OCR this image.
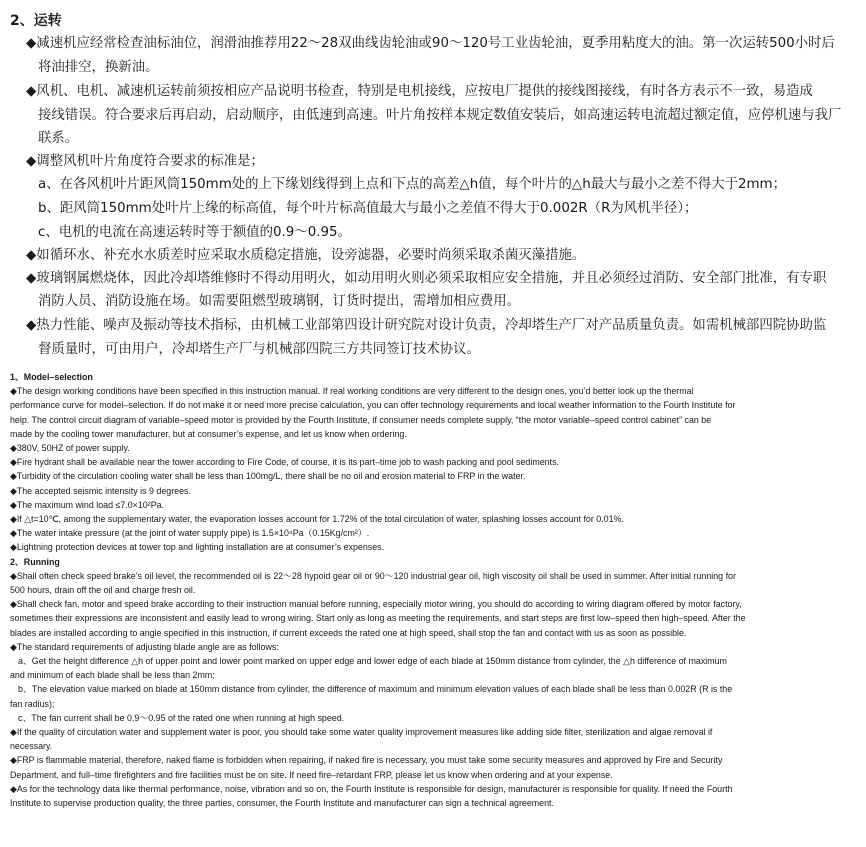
2、运转
◆减速机应经常检查油标油位，润滑油推荐用22～28双曲线齿轮油或90～120号工业齿轮油，夏季用粘度大的油。第一次运转500小时后
将油排空，换新油。
◆风机、电机、减速机运转前须按相应产品说明书检查，特别是电机接线，应按电厂提供的接线图接线，有时各方表示不一致，易造成
接线错误。符合要求后再启动，启动顺序，由低速到高速。叶片角按样本规定数值安装后，如高速运转电流超过额定值，应停机速与我厂
联系。
◆调整风机叶片角度符合要求的标准是；
a、在各风机叶片距风筒150mm处的上下缘划线得到上点和下点的高差△h值，每个叶片的△h最大与最小之差不得大于2mm；
b、距风筒150mm处叶片上缘的标高值，每个叶片标高值最大与最小之差值不得大于0.002R（R为风机半径）；
c、电机的电流在高速运转时等于额值的0.9～0.95。
◆如循环水、补充水水质差时应采取水质稳定措施，设旁滤器，必要时尚须采取杀菌灭藻措施。
◆玻璃钢属燃烧体，因此冷却塔维修时不得动用明火，如动用明火则必须采取相应安全措施，并且必须经过消防、安全部门批准，有专职
消防人员、消防设施在场。如需要阻燃型玻璃钢，订货时提出，需增加相应费用。
◆热力性能、噪声及振动等技术指标，由机械工业部第四设计研究院对设计负责，冷却塔生产厂对产品质量负责。如需机械部四院协助监
督质量时，可由用户，冷却塔生产厂与机械部四院三方共同签订技术协议。
1、Model–selection
◆The design working conditions have been specified in this instruction manual. If real working conditions are very different to the design ones, you’d better look up the thermal
performance curve for model–selection. If do not make it or need more precise calculation, you can offer technology requirements and local weather information to the Fourth Institute for
help. The control circuit diagram of variable–speed motor is provided by the Fourth Institute, if consumer needs complete supply, “the motor variable–speed control cabinet” can be
made by the cooling tower manufacturer, but at consumer’s expense, and let us know when ordering.
◆380V, 50HZ of power supply.
◆Fire hydrant shall be available near the tower according to Fire Code, of course, it is its part–time job to wash packing and pool sediments.
◆Turbidity of the circulation cooling water shall be less than 100mg/L, there shall be no oil and erosion material to FRP in the water.
◆The accepted seismic intensity is 9 degrees.
◆The maximum wind load ≤7.0×10²Pa.
◆If △t=10℃, among the supplementary water, the evaporation losses account for 1.72% of the total circulation of water, splashing losses account for 0.01%.
◆The water intake pressure (at the joint of water supply pipe) is 1.5×10⁴Pa（0.15Kg/cm²）.
◆Lightning protection devices at tower top and lighting installation are at consumer’s expenses.
2、Running
◆Shall often check speed brake’s oil level, the recommended oil is 22～28 hypoid gear oil or 90～120 industrial gear oil, high viscosity oil shall be used in summer. After initial running for
500 hours, drain off the oil and charge fresh oil.
◆Shall check fan, motor and speed brake according to their instruction manual before running, especially motor wiring, you should do according to wiring diagram offered by motor factory,
sometimes their expressions are inconsistent and easily lead to wrong wiring. Start only as long as meeting the requirements, and start steps are first low–speed then high–speed. After the
blades are installed according to angle specified in this instruction, if current exceeds the rated one at high speed, shall stop the fan and contact with us as soon as possible.
◆The standard requirements of adjusting blade angle are as follows:
a、Get the height difference △h of upper point and lower point marked on upper edge and lower edge of each blade at 150mm distance from cylinder, the △h difference of maximum
and minimum of each blade shall be less than 2mm;
b、The elevation value marked on blade at 150mm distance from cylinder, the difference of maximum and minimum elevation values of each blade shall be less than 0.002R (R is the
fan radius);
c、The fan current shall be 0.9～0.95 of the rated one when running at high speed.
◆If the quality of circulation water and supplement water is poor, you should take some water quality improvement measures like adding side filter, sterilization and algae removal if
necessary.
◆FRP is flammable material, therefore, naked flame is forbidden when repairing, if naked fire is necessary, you must take some security measures and approved by Fire and Security
Department, and full–time firefighters and fire facilities must be on site. If need fire–retardant FRP, please let us know when ordering and at your expense.
◆As for the technology data like thermal performance, noise, vibration and so on, the Fourth Institute is responsible for design, manufacturer is responsible for quality. If need the Fourth
Institute to supervise production quality, the three parties, consumer, the Fourth Institute and manufacturer can sign a technical agreement.
